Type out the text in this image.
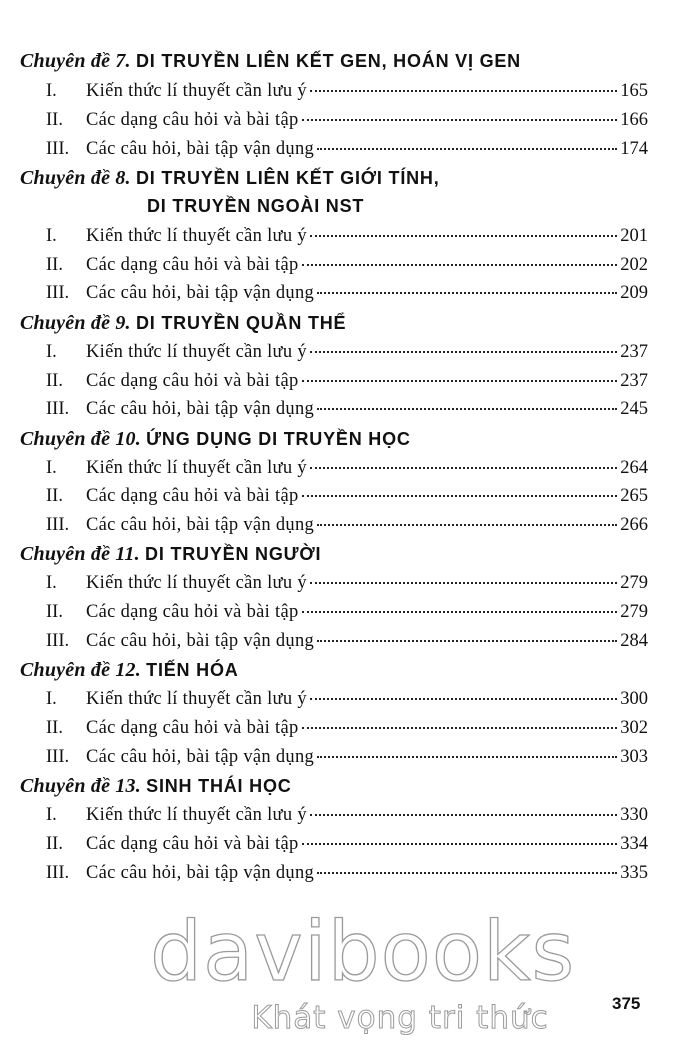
Chuyên đề 7. DI TRUYỀN LIÊN KẾT GEN, HOÁN VỊ GEN
I.	Kiến thức lí thuyết cần lưu ý	165
II.	Các dạng câu hỏi và bài tập	166
III. Các câu hỏi, bài tập vận dụng	174
Chuyên đề 8. DI TRUYỀN LIÊN KẾT GIỚI TÍNH,
DI TRUYỀN NGOÀI NST
I.	Kiến thức lí thuyết cần lưu ý	201
II.	Các dạng câu hỏi và bài tập	202
III. Các câu hỏi, bài tập vận dụng	209
Chuyên đề 9. DI TRUYỀN QUẦN THỂ
I.	Kiến thức lí thuyết cần lưu ý	237
II.	Các dạng câu hỏi và bài tập	237
III. Các câu hỏi, bài tập vận dụng	245
Chuyên đề 10. ỨNG DỤNG DI TRUYỀN HỌC
I.	Kiến thức lí thuyết cần lưu ý	264
II.	Các dạng câu hỏi và bài tập	265
III. Các câu hỏi, bài tập vận dụng	266
Chuyên đề 11. DI TRUYỀN NGƯỜI
I.	Kiến thức lí thuyết cần lưu ý	279
II.	Các dạng câu hỏi và bài tập	279
III. Các câu hỏi, bài tập vận dụng	284
Chuyên đề 12. TIẾN HÓA
I.	Kiến thức lí thuyết cần lưu ý	300
II.	Các dạng câu hỏi và bài tập	302
III. Các câu hỏi, bài tập vận dụng	303
Chuyên đề 13. SINH THÁI HỌC
I.	Kiến thức lí thuyết cần lưu ý	330
II.	Các dạng câu hỏi và bài tập	334
III. Các câu hỏi, bài tập vận dụng	335
davibooks
Khát vọng tri thức	375
